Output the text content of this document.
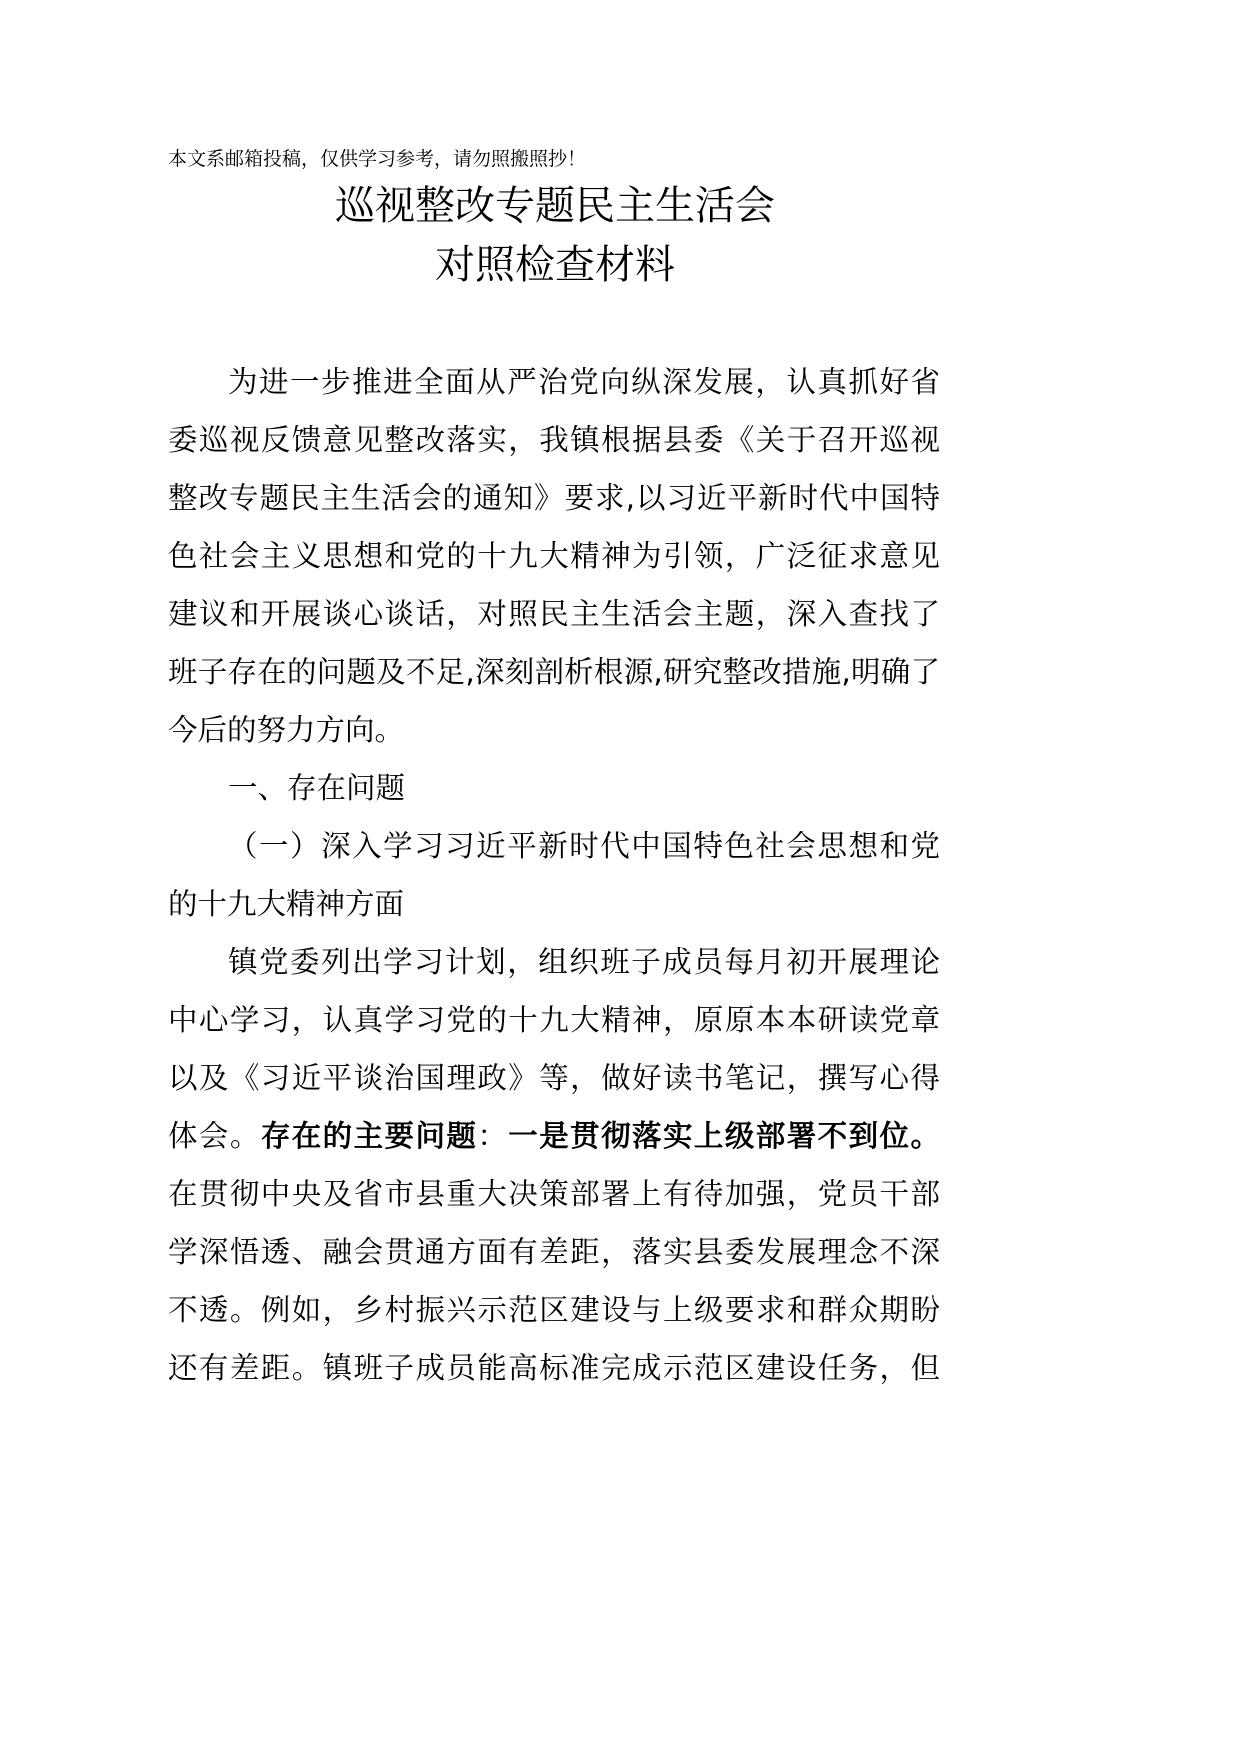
本文系邮箱投稿，仅供学习参考，请勿照搬照抄！
巡视整改专题民主生活会
对照检查材料
为进一步推进全面从严治党向纵深发展，认真抓好省
委巡视反馈意见整改落实，我镇根据县委《关于召开巡视
整改专题民主生活会的通知》要求,以习近平新时代中国特
色社会主义思想和党的十九大精神为引领，广泛征求意见
建议和开展谈心谈话，对照民主生活会主题，深入查找了
班子存在的问题及不足,深刻剖析根源,研究整改措施,明确了
今后的努力方向。
一、存在问题
（一）深入学习习近平新时代中国特色社会思想和党
的十九大精神方面
镇党委列出学习计划，组织班子成员每月初开展理论
中心学习，认真学习党的十九大精神，原原本本研读党章
以及《习近平谈治国理政》等，做好读书笔记，撰写心得
体会。存在的主要问题：一是贯彻落实上级部署不到位。
在贯彻中央及省市县重大决策部署上有待加强，党员干部
学深悟透、融会贯通方面有差距，落实县委发展理念不深
不透。例如，乡村振兴示范区建设与上级要求和群众期盼
还有差距。镇班子成员能高标准完成示范区建设任务，但
